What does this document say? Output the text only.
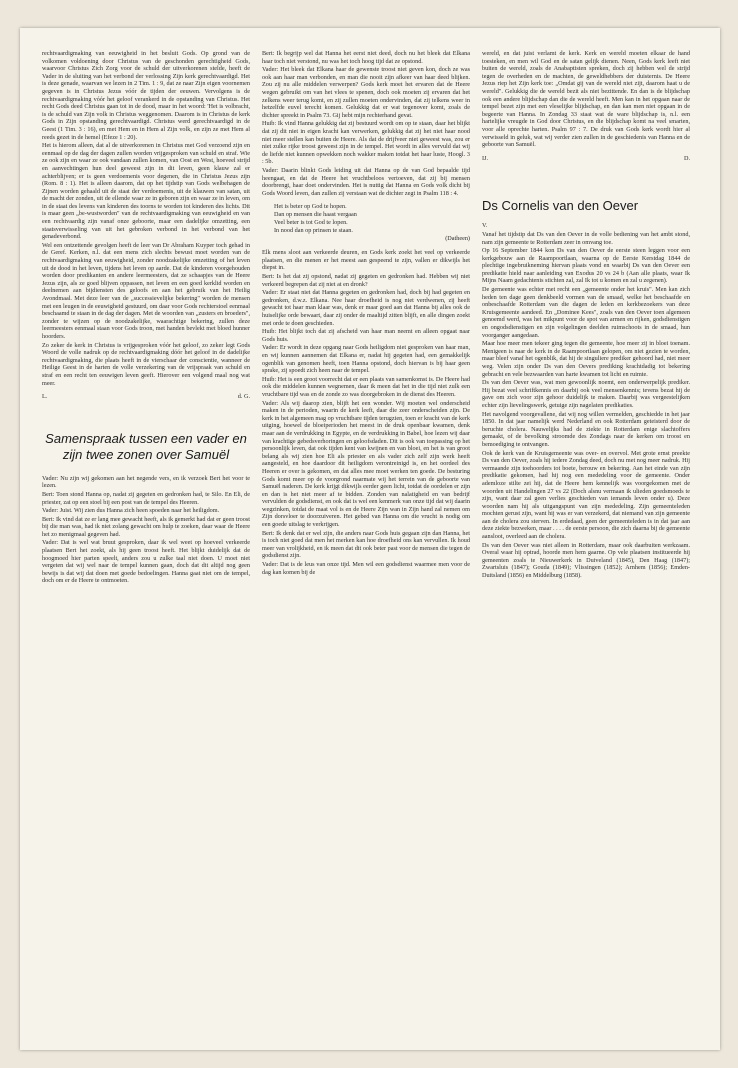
rechtvaardigmaking van eeuwigheid in het besluit Gods. Op grond van de volkomen voldoening door Christus van de geschonden gerechtigheid Gods, waarvoor Christus Zich Zorg voor de schuld der uitverkorenen stelde, heeft de Vader in de sluiting van het verbond der verlossing Zijn kerk gerechtvaardigd. Het is deze genade, waarvan we lezen in 2 Tim. 1 : 9, dat ze naar Zijn eigen voornemen gegeven is in Christus Jezus vóór de tijden der eeuwen. Vervolgens is de rechtvaardigmaking vóór het geloof verankerd in de opstanding van Christus. Het recht Gods deed Christus gaan tot in de dood, maar in het woord: 'Het is volbracht, is de schuld van Zijn volk in Christus weggenomen. Daarom is in Christus de kerk Gods in Zijn opstanding gerechtvaardigd. Christus werd gerechtvaardigd in de Geest (1 Tim. 3 : 16), en met Hem en in Hem al Zijn volk, en zijn ze met Hem al reeds gezet in de hemel (Efeze 1 : 20).

Het is hierom alleen, dat al de uitverkorenen in Christus met God verzoend zijn en eenmaal op de dag der dagen zullen worden vrijgesproken van schuld en straf. Wie ze ook zijn en waar ze ook vandaan zullen komen, van Oost en West, hoeveel strijd en aanvechtingen hun deel geweest zijn in dit leven, geen klauw zal er achterblijven; er is geen verdoemenis voor degenen, die in Christus Jezus zijn (Rom. 8 : 1). Het is alleen daarom, dat op het tijdstip van Gods welbehagen de Zijnen worden gehaald uit de staat der verdoemenis, uit de klauwen van satan, uit de macht der zonden, uit de ellende waar ze in geboren zijn en waar ze in leven, om in de staat des levens van kinderen des toorns te worden tot kinderen des lichts. Dit is maar geen „be-wustworden" van de rechtvaardigmaking van eeuwigheid en van een rechtvaardig zijn vanaf onze geboorte, maar een dadelijke omzetting, een staatsverwisseling van uit het gebroken verbond in het verbond van het genadeverbond.

Wel een ontzettende gevolgen heeft de leer van Dr Abraham Kuyper toch gehad in de Geref. Kerken, n.l. dat een mens zich slechts bewust moet worden van de rechtvaardigmaking van eeuwigheid, zonder noodzakelijke omzetting of het leven uit de dood in het leven, tijdens het leven op aarde. Dat de kinderen voorgehouden worden door predikanten en andere leermeesters, dat ze schaapjes van de Heere Jezus zijn, als ze goed blijven oppassen, net leven en een goed kerklid worden en deelnemen aan bijdiensten des geloofs en aan het gebruik van het Heilig Avondmaal. Met deze leer van de „successievelijke bekering" worden de mensen met een leugen in de eeuwigheid gestuurd, om daar voor Gods rechterstoel eenmaal beschaamd te staan in de dag der dagen. Met de woorden van „zusters en broeders", zonder te wijzen op de noodzakelijke, waarachtige bekering, zullen deze leermeesters eenmaal staan voor Gods troon, met handen bevlekt met bloed hunner hoorders.

Zo zeker de kerk in Christus is vrijgesproken vóór het geloof, zo zeker legt Gods Woord de volle nadruk op de rechtvaardigmaking dóór het geloof in de dadelijke rechtvaardigmaking, die plaats heeft in de vierschaar der conscientie, wanneer de Heilige Geest in de harten de volle verzekering van de vrijspraak van schuld en straf en een recht ten eeuwigen leven geeft. Hierover een volgend maal nog wat meer.

L.	d. G.
Samenspraak tussen een vader en
zijn twee zonen over Samuël

Vader: Nu zijn wij gekomen aan het negende vers, en ik verzoek Bert het voor te lezen.

Bert: Toen stond Hanna op, nadat zij gegeten en gedronken had, te Silo. En Eli, de priester, zat op een stoel bij een post van de tempel des Heeren.

Vader: Juist. Wij zien dus Hanna zich heen spoeden naar het heiligdom.

Bert: Ik vind dat ze er lang mee gewacht heeft, als ik gemerkt had dat er geen troost bij die man was, had ik niet zolang gewacht om hulp te zoeken, daar waar de Heere het zo menigmaal gegeven had.

Vader: Dat is wel wat bruut gesproken, daar ik wel weet op hoeveel verkeerde plaatsen Bert het zoekt, als hij geen troost heeft. Het blijkt duidelijk dat de hoogmoed hier parten speelt, anders zou u zulke taal niet doen. U moet niet vergeten dat wij wel naar de tempel kunnen gaan, doch dat dit altijd nog geen bewijs is dat wij dat doen met goede bedoelingen. Hanna gaat niet om de tempel, doch om er de Heere te ontmoeten.

Bert: Ik begrijp wel dat Hanna het eerst niet deed, doch nu het bleek dat Elkana haar toch niet verstond, nu was het toch hoog tijd dat ze opstond.

Vader: Het bleek dat Elkana haar de gewenste troost niet geven kon, doch ze was ook aan haar man verbonden, en man die nooit zijn afkeer van haar deed blijken. Zou zij nu alle middelen verwerpen? Gods kerk moet het ervaren dat de Heere wegen gebruikt om van het vlees te spenen, doch ook moeten zij ervaren dat het zelkens weer terug komt, en zij zullen moeten ondervinden, dat zij telkens weer in hetzelfde euvel terecht komen. Gelukkig dat er wat tegenover komt, zoals de dichter spreekt in Psalm 73. Gij hebt mijn rechterhand gevat.

Huib: Ik vind Hanna gelukkig dat zij bestuurd wordt om op te staan, daar het blijkt dat zij dit niet in eigen kracht kan verwerken, gelukkig dat zij het niet haar nood niet meer stellen kan buiten de Heere. Als dat de drijfveer niet geweest was, zou er niet zulke rijke troost geweest zijn in de tempel. Het wordt in alles vervuld dat wij de liefde niet kunnen opwekken noch wakker maken totdat het haar luste, Hoogl. 3 : 5b.

Vader: Daarin blinkt Gods leiding uit dat Hanna op de van God bepaalde tijd heengaat, en dat de Heere het vruchtbeloos vertoeven, dat zij bij mensen doorbrengt, haar doet ondervinden. Het is nuttig dat Hanna en Gods volk dicht bij Gods Woord leven, dan zullen zij verstaan wat de dichter zegt in Psalm 118 : 4.

Het is beter op God te hopen.
Dan op mensen die haast vergaan
Veel beter is tot God te lopen.
In nood dan op prinsen te staan.
(Datheen)

Elk mens sloot aan verkeerde deuren, en Gods kerk zoekt het veel op verkeerde plaatsen, en die menen er het meest aan gespeend te zijn, vallen er dikwijls het diepst in.

Bert: Is het dat zij opstond, nadat zij gegeten en gedronken had. Hebben wij niet verkeerd begrepen dat zij niet at en dronk?

Vader: Er staat niet dat Hanna gegeten en gedronken had, doch bij had gegeten en gedronken, d.w.z. Elkana. Nee haar droefheid is nog niet verdwenen, zij heeft gewacht tot haar man klaar was, denk er maar goed aan dat Hanna bij alles ook de huiselijke orde bewaart, daar zij onder de maaltijd zitten blijft, en alle dingen zoekt met orde te doen geschieden.

Huib: Het blijkt toch dat zij afscheid van haar man neemt en alleen opgaat naar Gods huis.

Vader: Er wordt in deze opgang naar Gods heiligdom niet gesproken van haar man, en wij kunnen aannemen dat Elkana er, nadat hij gegeten had, een gemakkelijk ogenblik van genomen heeft, toen Hanna opstond, doch hiervan is bij haar geen sprake, zij spoedt zich heen naar de tempel.

Huib: Het is een groot voorrecht dat er een plaats van samenkomst is. De Heere had ook die middelen kunnen wegnemen, daar ik meen dat het in die tijd niet zulk een vruchtbare tijd was en de zonde zo was doorgebroken in de dienst des Heeren.

Vader: Als wij daarop zien, blijft het een wonder. Wij moeten wel onderscheid maken in de perioden, waarin de kerk leeft, daar die zeer onderscheiden zijn. De kerk in het algemeen mag op vruchtbare tijden terugzien, toen er kracht van de kerk uitging, hoewel de bloeiperioden het meest in de druk openbaar kwamen, denk maar aan de verdrukking in Egypte, en de verdrukking in Babel, hoe lezen wij daar van krachtige gebedsverhoringen en geloofsdaden. Dit is ook van toepassing op het persoonlijk leven, dat ook tijden kent van kwijnen en van bloei, en het is van groot belang als wij zien hoe Eli als priester en als vader zich zelf zijn werk heeft aangesteld, en hoe daardoor dit heiligdom verontreinigd is, en het oordeel des Heeren er over is gekomen, en dat alles mee moet werken ten goede. De besturing Gods komt meer op de voorgrond naarmate wij het terrein van de geboorte van Samuël naderen. De kerk krijgt dikwijls eerder geen licht, totdat de oordelen er zijn en dan is het niet meer af te bidden. Zonden van nalatigheid en van bedrijf vervulden de godsdienst, en ook dat is wel een kenmerk van onze tijd dat wij daarin wegzinken, totdat de maat vol is en de Heere Zijn wan in Zijn hand zal nemen om Zijn dorsvloer te doorzuiveren. Het gebed van Hanna om die vrucht is nodig om een goede uitslag te verkrijgen.

Bert: Ik denk dat er wel zijn, die anders naar Gods huis gegaan zijn dan Hanna, het is toch niet goed dat men het merken kan hoe droefheid ons kan vervullen. Ik houd meer van vrolijkheid, en ik meen dat dit ook beter past voor de mensen die tegen de godsdienst zijn.

Vader: Dat is de leus van onze tijd. Men wil een godsdienst waarmee men voor de dag kan komen bij de

wereld, en dat juist verlamt de kerk. Kerk en wereld moeten elkaar de hand toesteken, en men wil God en de satan gelijk dienen. Neen, Gods kerk leeft niet buiten de wereld, zoals de Anabaptisten spreken, doch zij hebben wel de strijd tegen de overheden en de machten, de geweldhebbers der duisternis. De Heere Jezus riep het Zijn kerk toe: „Omdat gij van de wereld niet zijt, daarom haat u de wereld". Gelukkig die de wereld bezit als niet bezittende. En dan is de blijdschap ook een andere blijdschap dan die de wereld heeft. Men kan in het opgaan naar de tempel bezet zijn met een vleselijke blijdschap, en dan kan men niet opgaan in de begeerte van Hanna. In Zondag 33 staat wat de ware blijdschap is, n.l. een hartelijke vreugde in God door Christus, en die blijdschap komt na veel smarten, voor alle oprechte harten. Psalm 97 : 7. De druk van Gods kerk wordt hier al verwisseld in geluk, wat wij verder zien zullen in de geschiedenis van Hanna en de geboorte van Samuël.

IJ.	D.
Ds Cornelis van den Oever

V.

Vanaf het tijdstip dat Ds van den Oever in de volle bediening van het ambt stond, nam zijn gemeente te Rotterdam zeer in omvang toe.

Op 16 September 1844 kon Ds van den Oever de eerste steen leggen voor een kerkgebouw aan de Raampoortlaan, waarna op de Eerste Kerstdag 1844 de plechtige ingebruikneming hiervan plaats vond en waarbij Ds van den Oever een predikatie hield naar aanleiding van Exodus 20 vs 24 b (Aan alle plaats, waar Ik Mijns Naam gedachtenis stichten zal, zal Ik tot u komen en zal u zegenen).

De gemeente was echter met recht een „gemeente onder het kruis". Men kan zich heden ten dage geen denkbeeld vormen van de smaad, welke het beschaafde en onbeschaafde Rotterdam van die dagen de leden en kerkbezoekers van deze Kruisgemeente aandeed. En „Dominee Kees", zoals van den Oever toen algemeen genoemd werd, was het mikpunt voor de spot van armen en rijken, godsdienstigen en ongodsdienstigen en zijn volgelingen deelden ruimschoots in de smaad, hun voorganger aangedaan.

Maar hoe meer men tekeer ging tegen die gemeente, hoe meer zij in bloei toenam. Menigeen is naar de kerk in de Raampoortlaan gelopen, om niet gezien te worden, maar bleef vanaf het ogenblik, dat hij de singuliere prediker gehoord had, niet meer weg. Velen zijn onder Ds van den Oevers prediking krachtdadig tot bekering gebracht en vele bezwaarden van harte kwamen tot licht en ruimte.

Ds van den Oever was, wat men gewoonlijk noemt, een onderwerpelijk prediker. Hij bezat veel schriftkennis en daarbij ook veel mensenkennis; tevens bezat hij de gave om zich voor zijn gehoor duidelijk te maken. Daarbij was vergeestelijken echter zijn lievelingswerk, getuige zijn nagelaten predikaties.

Het navolgend voorgevallene, dat wij nog willen vermelden, geschiedde in het jaar 1850. In dat jaar namelijk werd Nederland en ook Rotterdam geteisterd door de beruchte cholera. Nauwelijks had de ziekte in Rotterdam enige slachtoffers gemaakt, of de bevolking stroomde des Zondags naar de kerken om troost en bemoediging te ontvangen.

Ook de kerk van de Kruisgemeente was over- en overvol. Met grote ernst preekte Ds van den Oever, zoals hij iedere Zondag deed, doch nu met nog meer nadruk. Hij vermaande zijn toehoorders tot boete, berouw en bekering. Aan het einde van zijn predikatie gekomen, had hij nog een mededeling voor de gemeente. Onder ademloze stilte zei hij, dat de Heere hem kennelijk was voorgekomen met de woorden uit Handelingen 27 vs 22 (Doch alsnu vermaan ik ulieden goedsmoeds te zijn, want daar zal geen verlies geschieden van iemands leven onder u). Deze woorden nam hij als uitgangspunt van zijn mededeling. Zijn gemeenteleden mochten gerust zijn, want hij was er van verzekerd, dat niemand van zijn gemeente aan de cholera zou sterven. In erdedaad, geen der gemeenteleden is in dat jaar aan deze ziekte bezweken, maar . . . . de eerste persoon, die zich daarna bij de gemeente aansloot, overleed aan de cholera.

Ds van den Oever was niet alleen in Rotterdam, maar ook daarbuiten werkzaam. Overal waar hij optrad, hoorde men hem gaarne. Op vele plaatsen institueerde hij gemeenten zoals te Nieuwerkerk in Duiveland (1845), Den Haag (1847); Zwartsluis (1847); Gouda (1849); Vlissingen (1852); Arnhem (1856); Emden-Duitsland (1856) en Middelburg (1858).
